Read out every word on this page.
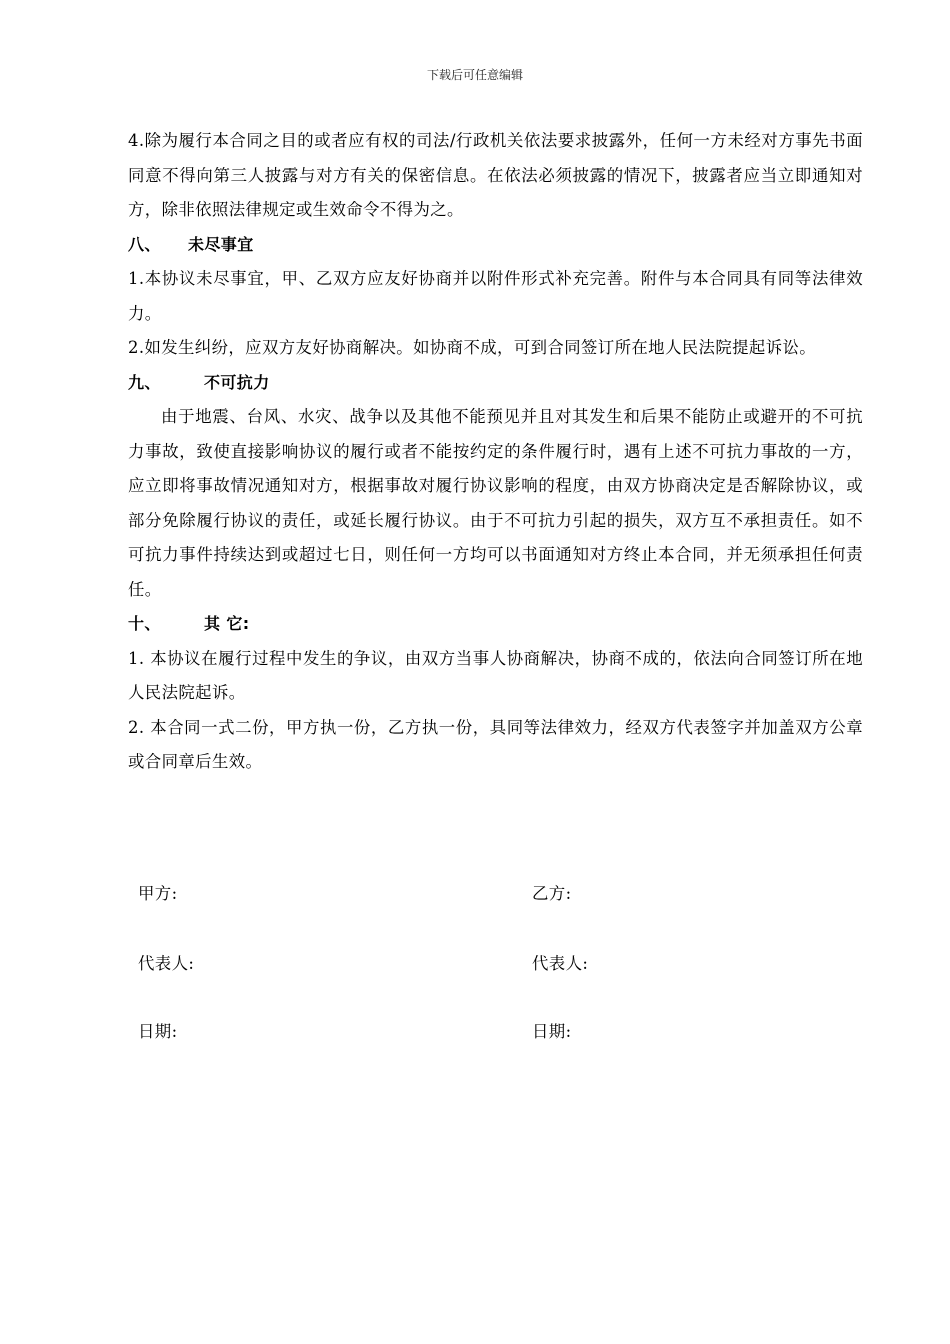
下载后可任意编辑

4.除为履行本合同之目的或者应有权的司法/行政机关依法要求披露外，任何一方未经对方事先书面同意不得向第三人披露与对方有关的保密信息。在依法必须披露的情况下，披露者应当立即通知对方，除非依照法律规定或生效命令不得为之。

八、	未尽事宜

1.本协议未尽事宜，甲、乙双方应友好协商并以附件形式补充完善。附件与本合同具有同等法律效力。

2.如发生纠纷，应双方友好协商解决。如协商不成，可到合同签订所在地人民法院提起诉讼。

九、	不可抗力

由于地震、台风、水灾、战争以及其他不能预见并且对其发生和后果不能防止或避开的不可抗力事故，致使直接影响协议的履行或者不能按约定的条件履行时，遇有上述不可抗力事故的一方，应立即将事故情况通知对方，根据事故对履行协议影响的程度，由双方协商决定是否解除协议，或部分免除履行协议的责任，或延长履行协议。由于不可抗力引起的损失，双方互不承担责任。如不可抗力事件持续达到或超过七日，则任何一方均可以书面通知对方终止本合同，并无须承担任何责任。

十、	其 它:

1. 本协议在履行过程中发生的争议，由双方当事人协商解决，协商不成的，依法向合同签订所在地人民法院起诉。

2. 本合同一式二份，甲方执一份，乙方执一份，具同等法律效力，经双方代表签字并加盖双方公章或合同章后生效。

甲方:	乙方:
代表人:	代表人:
日期:	日期:
